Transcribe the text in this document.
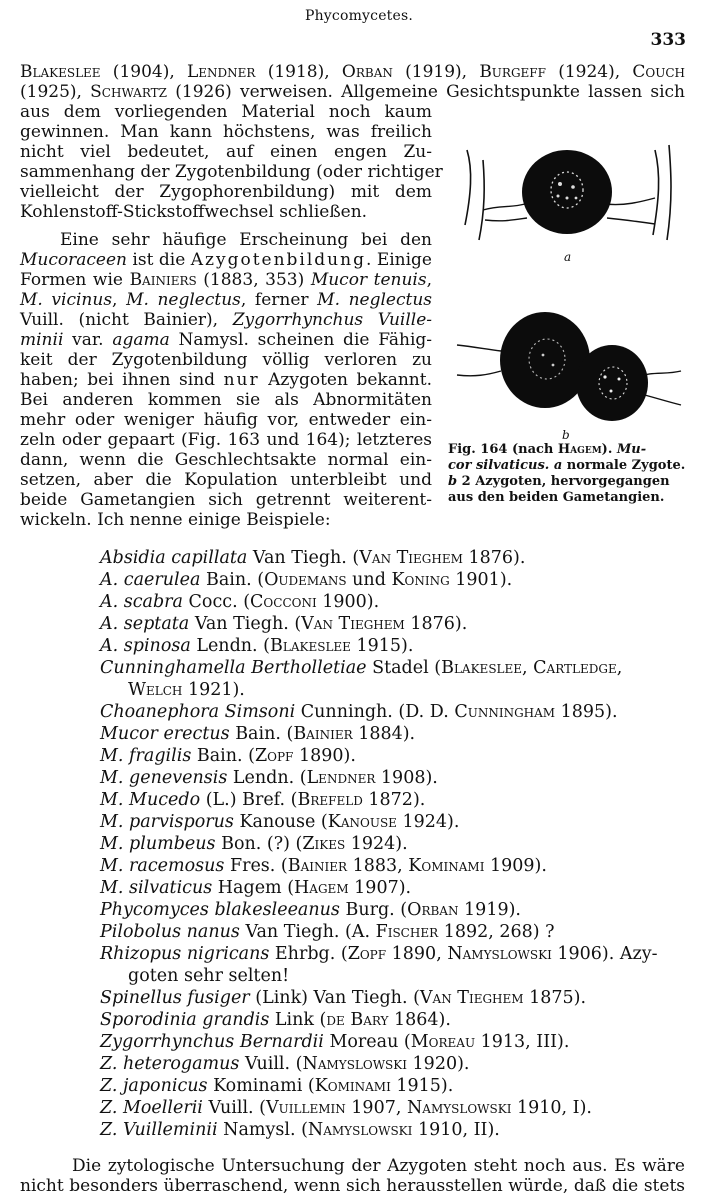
Phycomycetes.
333
Blakeslee (1904), Lendner (1918), Orban (1919), Burgeff (1924), Couch
(1925), Schwartz (1926) verweisen. Allgemeine Gesichtspunkte lassen sich
aus dem vorliegenden Material noch kaum
gewinnen. Man kann höchstens, was freilich
nicht viel bedeutet, auf einen engen Zu-
sammenhang der Zygotenbildung (oder richtiger
vielleicht der Zygophorenbildung) mit dem
Kohlenstoff-Stickstoffwechsel schließen.
Eine sehr häufige Erscheinung bei den
Mucoraceen ist die Azygotenbildung. Einige
Formen wie Bainiers (1883, 353) Mucor tenuis,
M. vicinus, M. neglectus, ferner M. neglectus
Vuill. (nicht Bainier), Zygorrhynchus Vuille-
minii var. agama Namysl. scheinen die Fähig-
keit der Zygotenbildung völlig verloren zu
haben; bei ihnen sind nur Azygoten bekannt.
Bei anderen kommen sie als Abnormitäten
mehr oder weniger häufig vor, entweder ein-
zeln oder gepaart (Fig. 163 und 164); letzteres
dann, wenn die Geschlechtsakte normal ein-
setzen, aber die Kopulation unterbleibt und
beide Gametangien sich getrennt weiterent-
wickeln. Ich nenne einige Beispiele:
Absidia capillata Van Tiegh. (Van Tieghem 1876).
A. caerulea Bain. (Oudemans und Koning 1901).
A. scabra Cocc. (Cocconi 1900).
A. septata Van Tiegh. (Van Tieghem 1876).
A. spinosa Lendn. (Blakeslee 1915).
Cunninghamella Bertholletiae Stadel (Blakeslee, Cartledge,
Welch 1921).
Choanephora Simsoni Cunningh. (D. D. Cunningham 1895).
Mucor erectus Bain. (Bainier 1884).
M. fragilis Bain. (Zopf 1890).
M. genevensis Lendn. (Lendner 1908).
M. Mucedo (L.) Bref. (Brefeld 1872).
M. parvisporus Kanouse (Kanouse 1924).
M. plumbeus Bon. (?) (Zikes 1924).
M. racemosus Fres. (Bainier 1883, Kominami 1909).
M. silvaticus Hagem (Hagem 1907).
Phycomyces blakesleeanus Burg. (Orban 1919).
Pilobolus nanus Van Tiegh. (A. Fischer 1892, 268) ?
Rhizopus nigricans Ehrbg. (Zopf 1890, Namyslowski 1906). Azy-
goten sehr selten!
Spinellus fusiger (Link) Van Tiegh. (Van Tieghem 1875).
Sporodinia grandis Link (de Bary 1864).
Zygorrhynchus Bernardii Moreau (Moreau 1913, III).
Z. heterogamus Vuill. (Namyslowski 1920).
Z. japonicus Kominami (Kominami 1915).
Z. Moellerii Vuill. (Vuillemin 1907, Namyslowski 1910, I).
Z. Vuilleminii Namysl. (Namyslowski 1910, II).
Die zytologische Untersuchung der Azygoten steht noch aus. Es wäre
nicht besonders überraschend, wenn sich herausstellen würde, daß die stets
a
b
Fig. 164 (nach Hagem). Mu-
cor silvaticus. a normale Zygote.
b 2 Azygoten, hervorgegangen
aus den beiden Gametangien.
